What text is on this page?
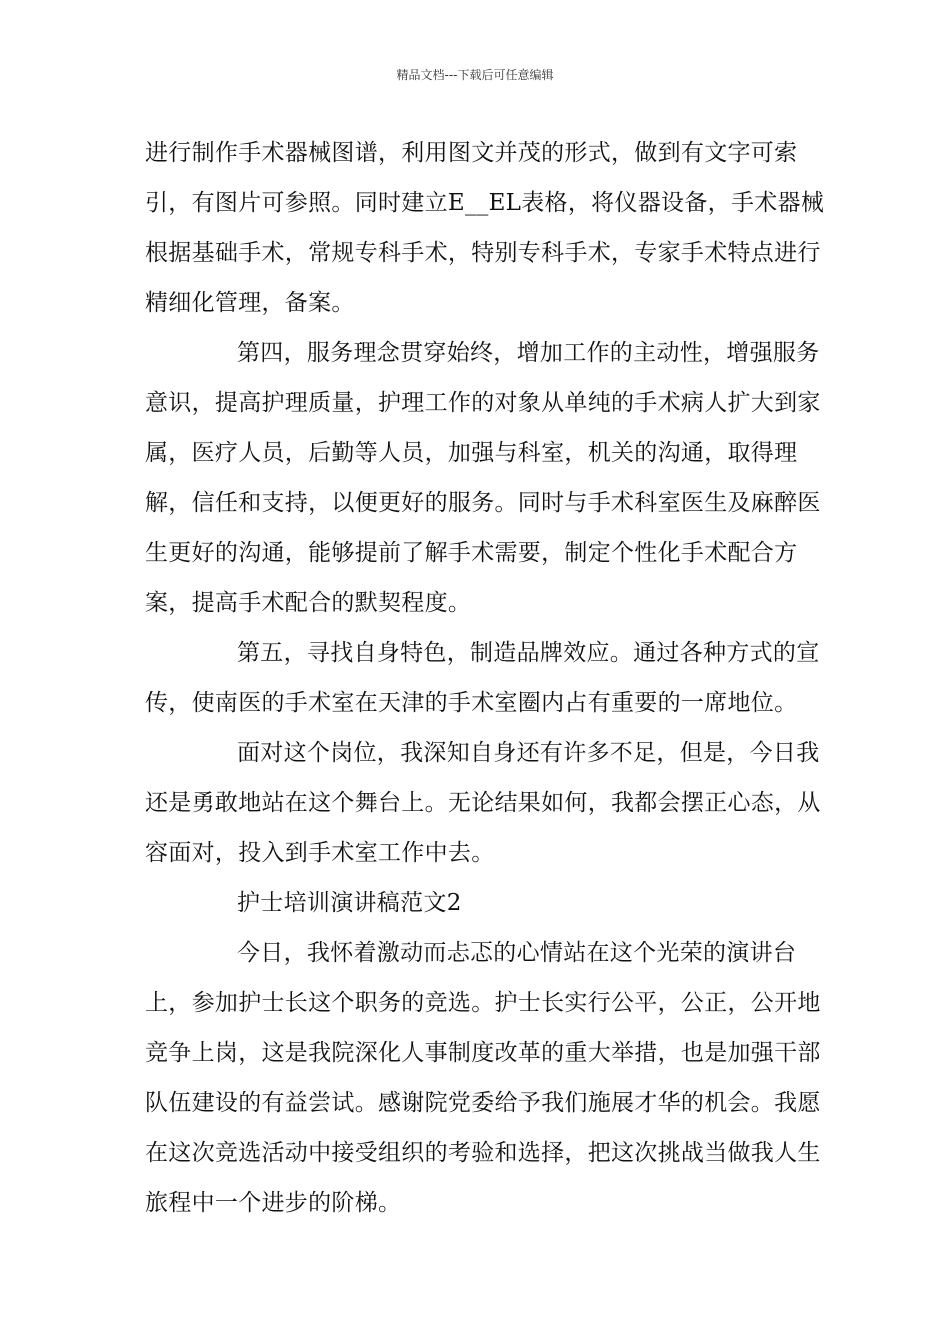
精品文档---下载后可任意编辑

进行制作手术器械图谱，利用图文并茂的形式，做到有文字可索引，有图片可参照。同时建立E__EL表格，将仪器设备，手术器械根据基础手术，常规专科手术，特别专科手术，专家手术特点进行精细化管理，备案。

第四，服务理念贯穿始终，增加工作的主动性，增强服务意识，提高护理质量，护理工作的对象从单纯的手术病人扩大到家属，医疗人员，后勤等人员，加强与科室，机关的沟通，取得理解，信任和支持，以便更好的服务。同时与手术科室医生及麻醉医生更好的沟通，能够提前了解手术需要，制定个性化手术配合方案，提高手术配合的默契程度。

第五，寻找自身特色，制造品牌效应。通过各种方式的宣传，使南医的手术室在天津的手术室圈内占有重要的一席地位。

面对这个岗位，我深知自身还有许多不足，但是，今日我还是勇敢地站在这个舞台上。无论结果如何，我都会摆正心态，从容面对，投入到手术室工作中去。

护士培训演讲稿范文2

今日，我怀着激动而忐忑的心情站在这个光荣的演讲台上，参加护士长这个职务的竞选。护士长实行公平，公正，公开地竞争上岗，这是我院深化人事制度改革的重大举措，也是加强干部队伍建设的有益尝试。感谢院党委给予我们施展才华的机会。我愿在这次竞选活动中接受组织的考验和选择，把这次挑战当做我人生旅程中一个进步的阶梯。
